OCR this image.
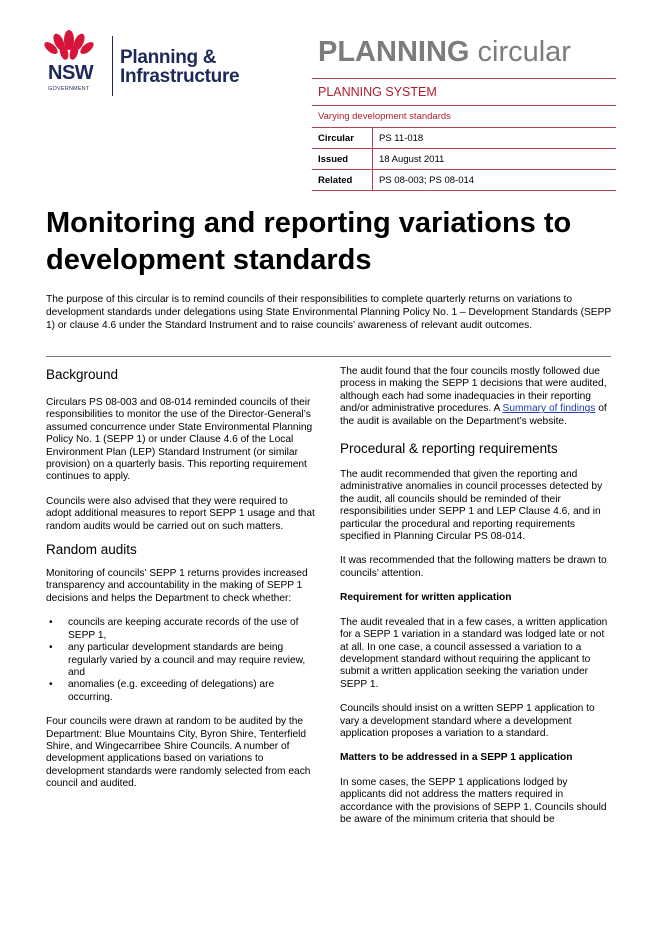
NSW
GOVERNMENT
Planning &
Infrastructure
PLANNING circular
PLANNING SYSTEM
Varying development standards
Circular	PS 11-018
Issued	18 August 2011
Related	PS 08-003; PS 08-014
Monitoring and reporting variations to development standards

The purpose of this circular is to remind councils of their responsibilities to complete quarterly returns on variations to development standards under delegations using State Environmental Planning Policy No. 1 – Development Standards (SEPP 1) or clause 4.6 under the Standard Instrument and to raise councils’ awareness of relevant audit outcomes.

Background

Circulars PS 08-003 and 08-014 reminded councils of their responsibilities to monitor the use of the Director-General’s assumed concurrence under State Environmental Planning Policy No. 1 (SEPP 1) or under Clause 4.6 of the Local Environment Plan (LEP) Standard Instrument (or similar provision) on a quarterly basis. This reporting requirement continues to apply.

Councils were also advised that they were required to adopt additional measures to report SEPP 1 usage and that random audits would be carried out on such matters.

Random audits

Monitoring of councils’ SEPP 1 returns provides increased transparency and accountability in the making of SEPP 1 decisions and helps the Department to check whether:

• councils are keeping accurate records of the use of SEPP 1,
• any particular development standards are being regularly varied by a council and may require review, and
• anomalies (e.g. exceeding of delegations) are occurring.

Four councils were drawn at random to be audited by the Department: Blue Mountains City, Byron Shire, Tenterfield Shire, and Wingecarribee Shire Councils. A number of development applications based on variations to development standards were randomly selected from each council and audited.

The audit found that the four councils mostly followed due process in making the SEPP 1 decisions that were audited, although each had some inadequacies in their reporting and/or administrative procedures. A Summary of findings of the audit is available on the Department’s website.

Procedural & reporting requirements

The audit recommended that given the reporting and administrative anomalies in council processes detected by the audit, all councils should be reminded of their responsibilities under SEPP 1 and LEP Clause 4.6, and in particular the procedural and reporting requirements specified in Planning Circular PS 08-014.

It was recommended that the following matters be drawn to councils’ attention.

Requirement for written application

The audit revealed that in a few cases, a written application for a SEPP 1 variation in a standard was lodged late or not at all. In one case, a council assessed a variation to a development standard without requiring the applicant to submit a written application seeking the variation under SEPP 1.

Councils should insist on a written SEPP 1 application to vary a development standard where a development application proposes a variation to a standard.

Matters to be addressed in a SEPP 1 application

In some cases, the SEPP 1 applications lodged by applicants did not address the matters required in accordance with the provisions of SEPP 1. Councils should be aware of the minimum criteria that should be
